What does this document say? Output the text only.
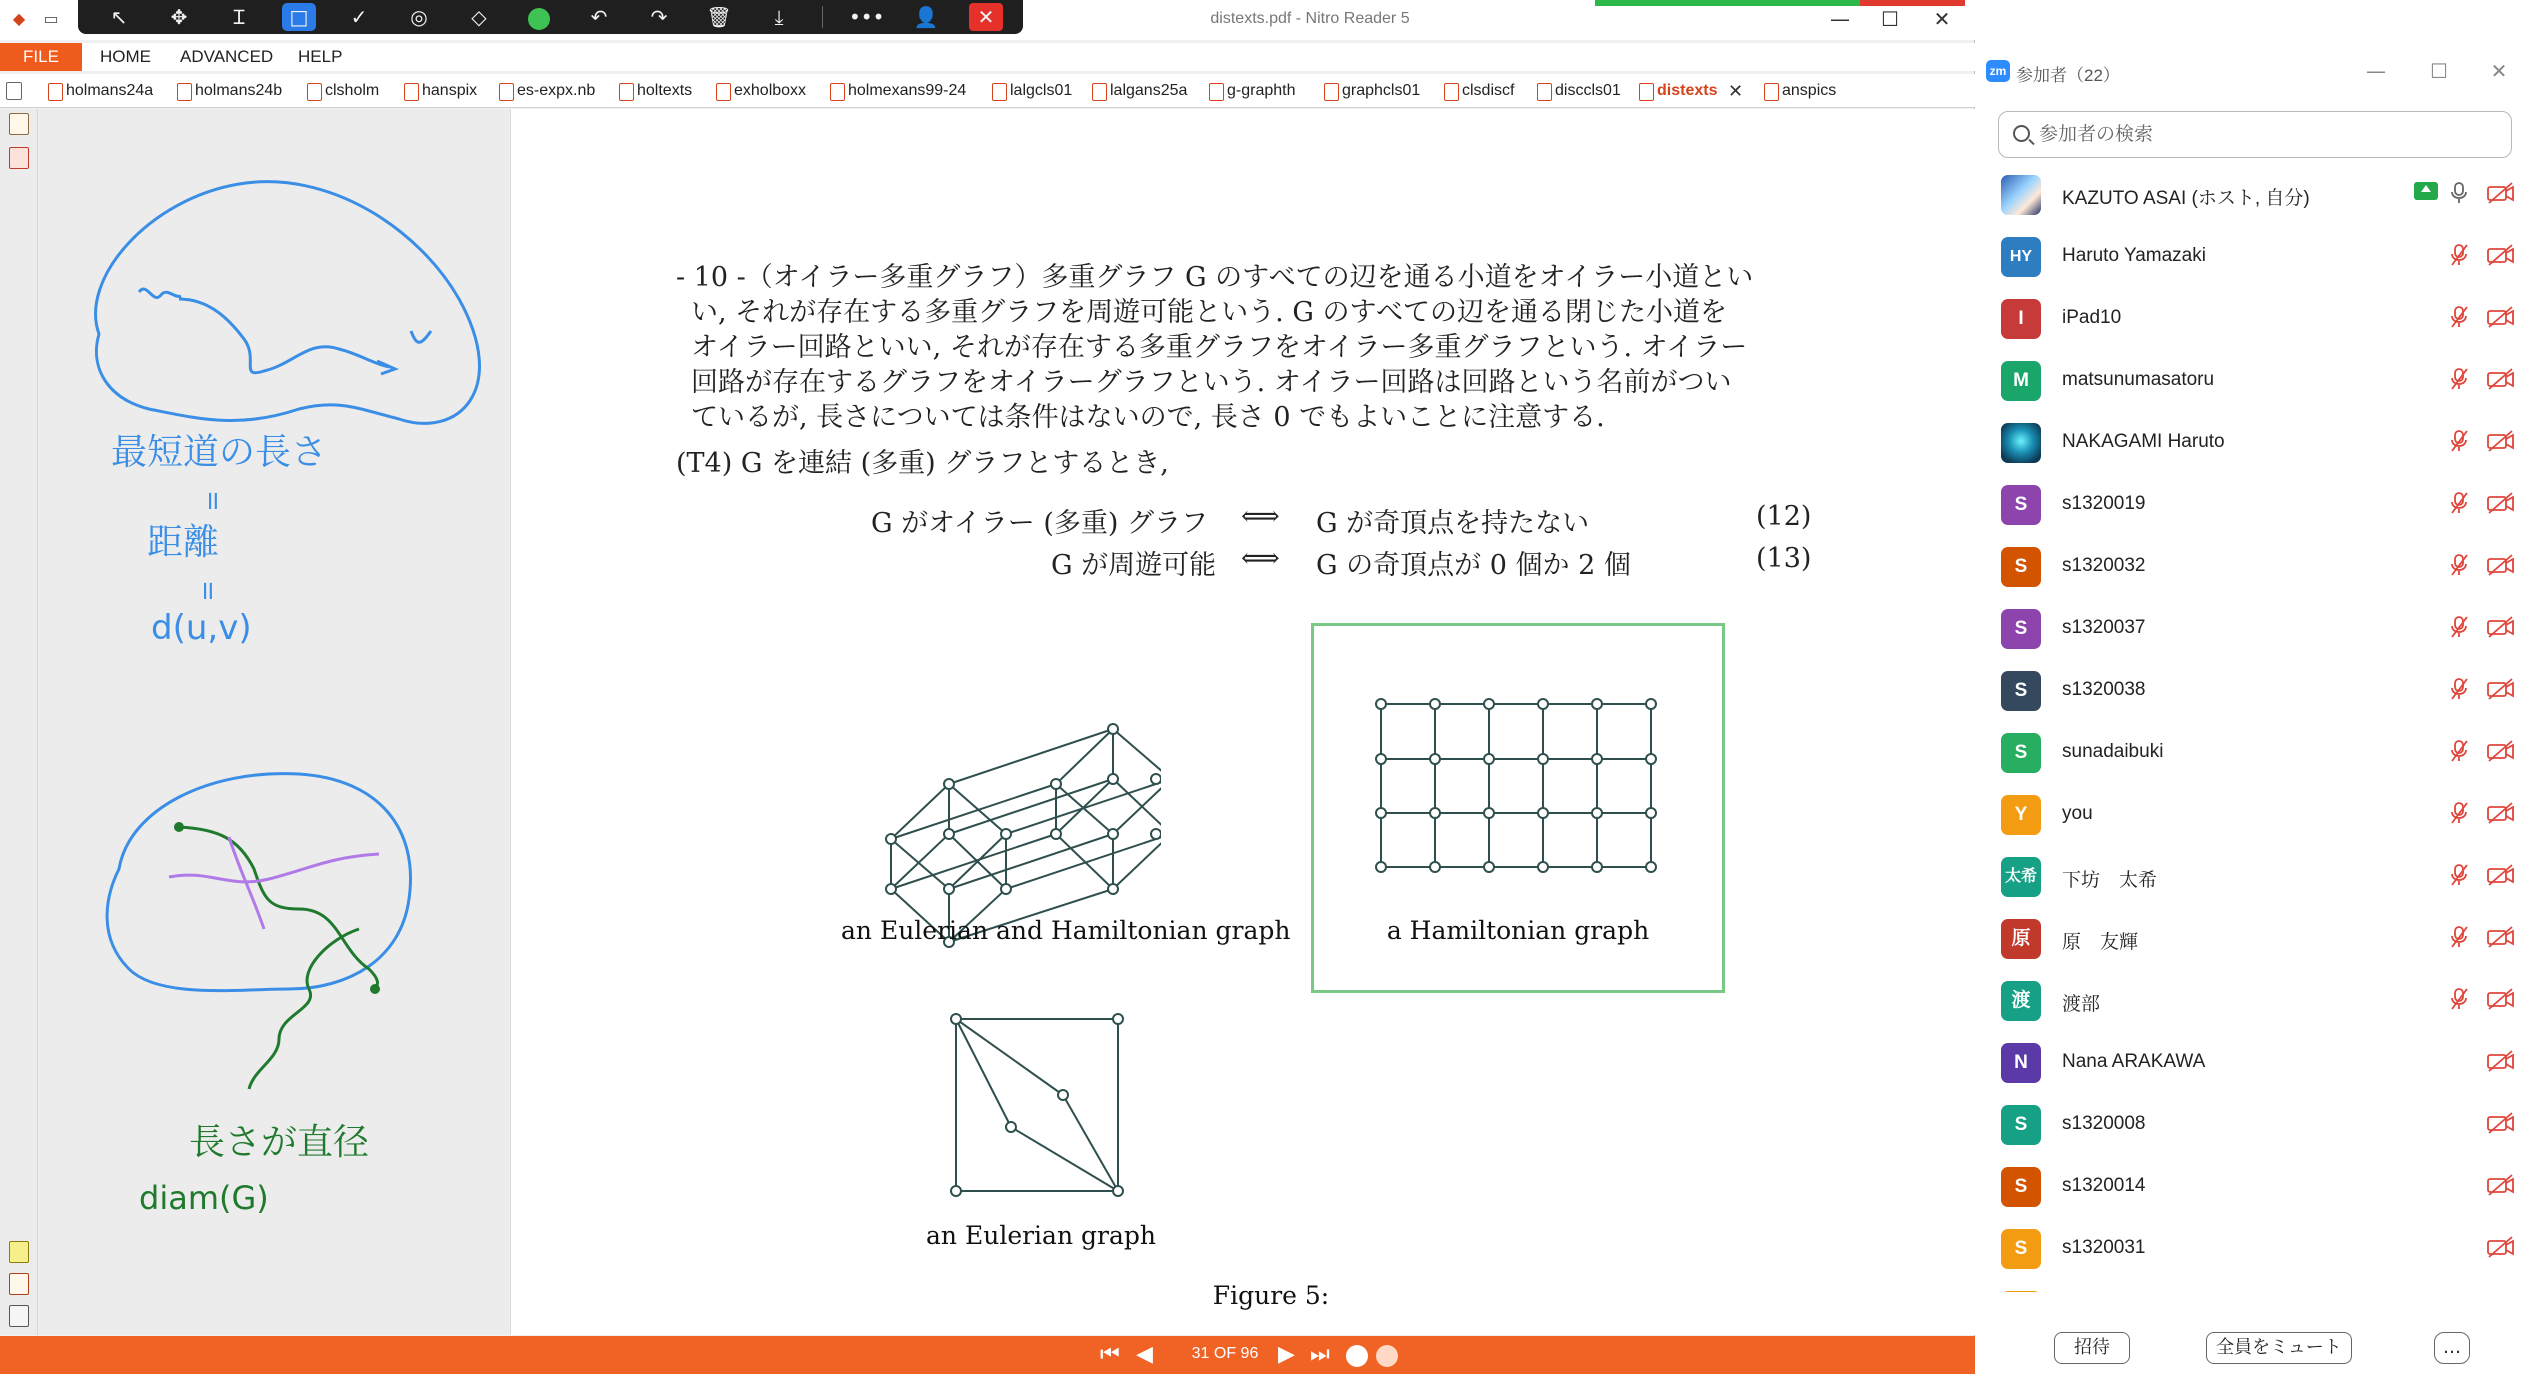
◆	▭	distexts.pdf - Nitro Reader 5	—	☐	✕
↖	✥	Ɪ	□	✓	◎	◇	↶	↷	🗑	⤓	••• 👤	✕
FILE	HOME ADVANCED HELP
holmans24a	holmans24b	clsholm	hanspix	es-expx.nb	holtexts	exholboxx	holmexans99-24	lalgcls01	lalgans25a	g-graphth	graphcls01	clsdiscf	disccls01	distexts ✕	anspics
最短道の長さ
॥
距離
॥
d(u,v)
長さが直径
diam(G)
- 10 -（オイラー多重グラフ）多重グラフ G のすべての辺を通る小道をオイラー小道とい
い, それが存在する多重グラフを周遊可能という. G のすべての辺を通る閉じた小道を
オイラー回路といい, それが存在する多重グラフをオイラー多重グラフという. オイラー
回路が存在するグラフをオイラーグラフという. オイラー回路は回路という名前がつい
ているが, 長さについては条件はないので, 長さ 0 でもよいことに注意する.
(T4) G を連結 (多重) グラフとするとき,
G がオイラー (多重) グラフ ⟺ G が奇頂点を持たない	(12)
G が周遊可能 ⟺ G の奇頂点が 0 個か 2 個	(13)
an Eulerian and Hamiltonian graph	a Hamiltonian graph
an Eulerian graph
Figure 5:
⏮ ◀	31 OF 96 ▶ ⏭
zm 参加者（22）	—	☐	✕
参加者の検索
KAZUTO ASAI (ホスト, 自分)
HY	Haruto Yamazaki
I	iPad10
M	matsunumasatoru
NAKAGAMI Haruto
S	s1320019
S	s1320032
S	s1320037
S	s1320038
S	sunadaibuki
Y	you
太希 下坊　太希
原	原　友輝
渡	渡部
N	Nana ARAKAWA
S	s1320008
S	s1320014
S	s1320031
招待	全員をミュート	…
